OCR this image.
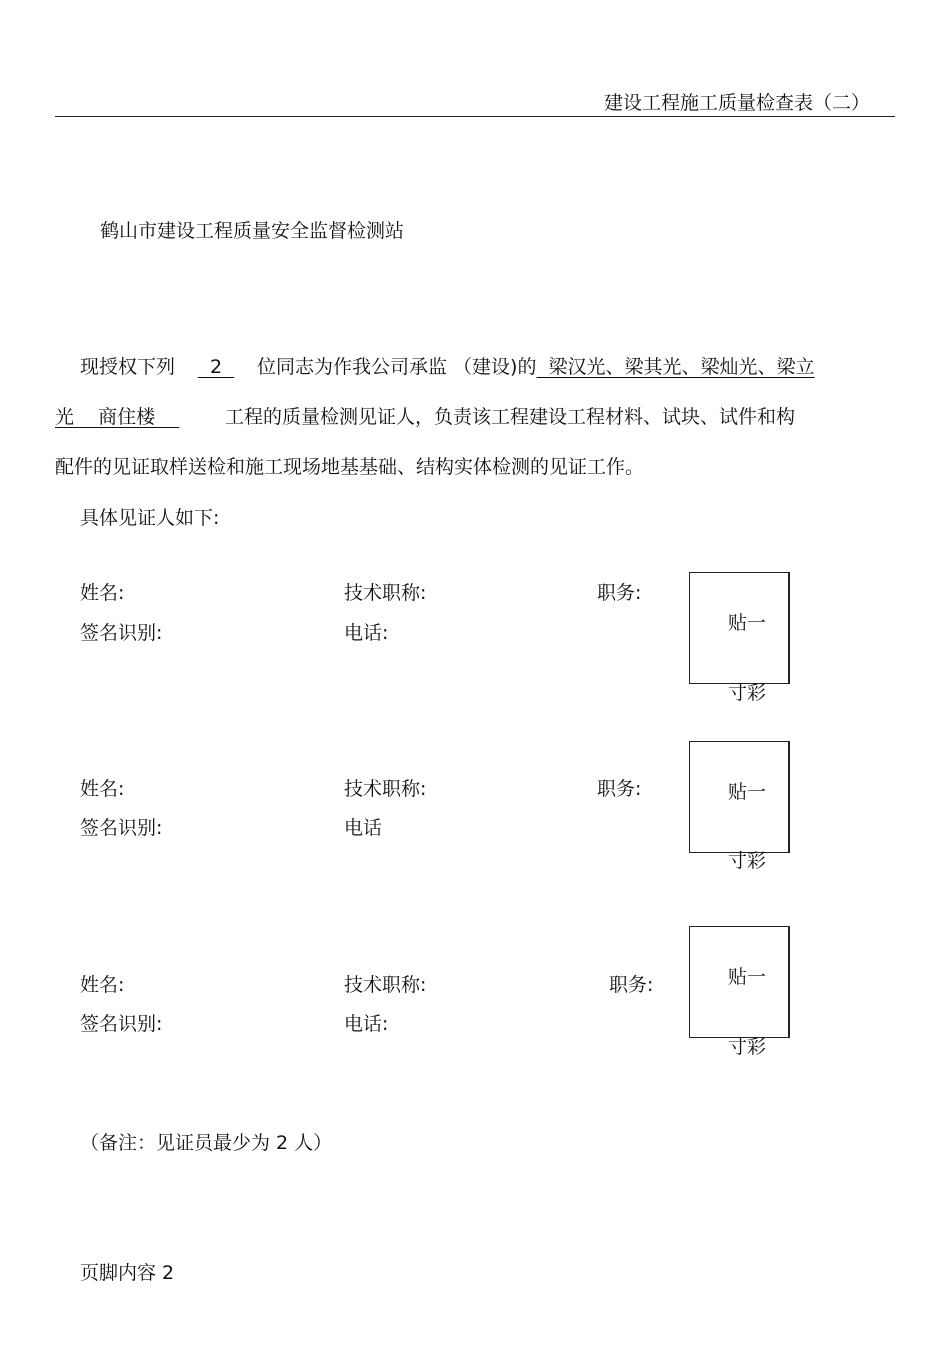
建设工程施工质量检查表（二）
鹤山市建设工程质量安全监督检测站
现授权下列  2  位同志为作我公司承监 （建设)的  梁汉光、梁其光、梁灿光、梁立
光    商住楼    工程的质量检测见证人，负责该工程建设工程材料、试块、试件和构
配件的见证取样送检和施工现场地基基础、结构实体检测的见证工作。
具体见证人如下:
姓名:	技术职称:	职务:
签名识别:	电话:	贴一
寸彩
姓名:	技术职称:	职务:
签名识别:	电话
贴一
寸彩
姓名:	技术职称:	职务:
签名识别:	电话:
贴一
寸彩
（备注：见证员最少为 2 人）
页脚内容 2
